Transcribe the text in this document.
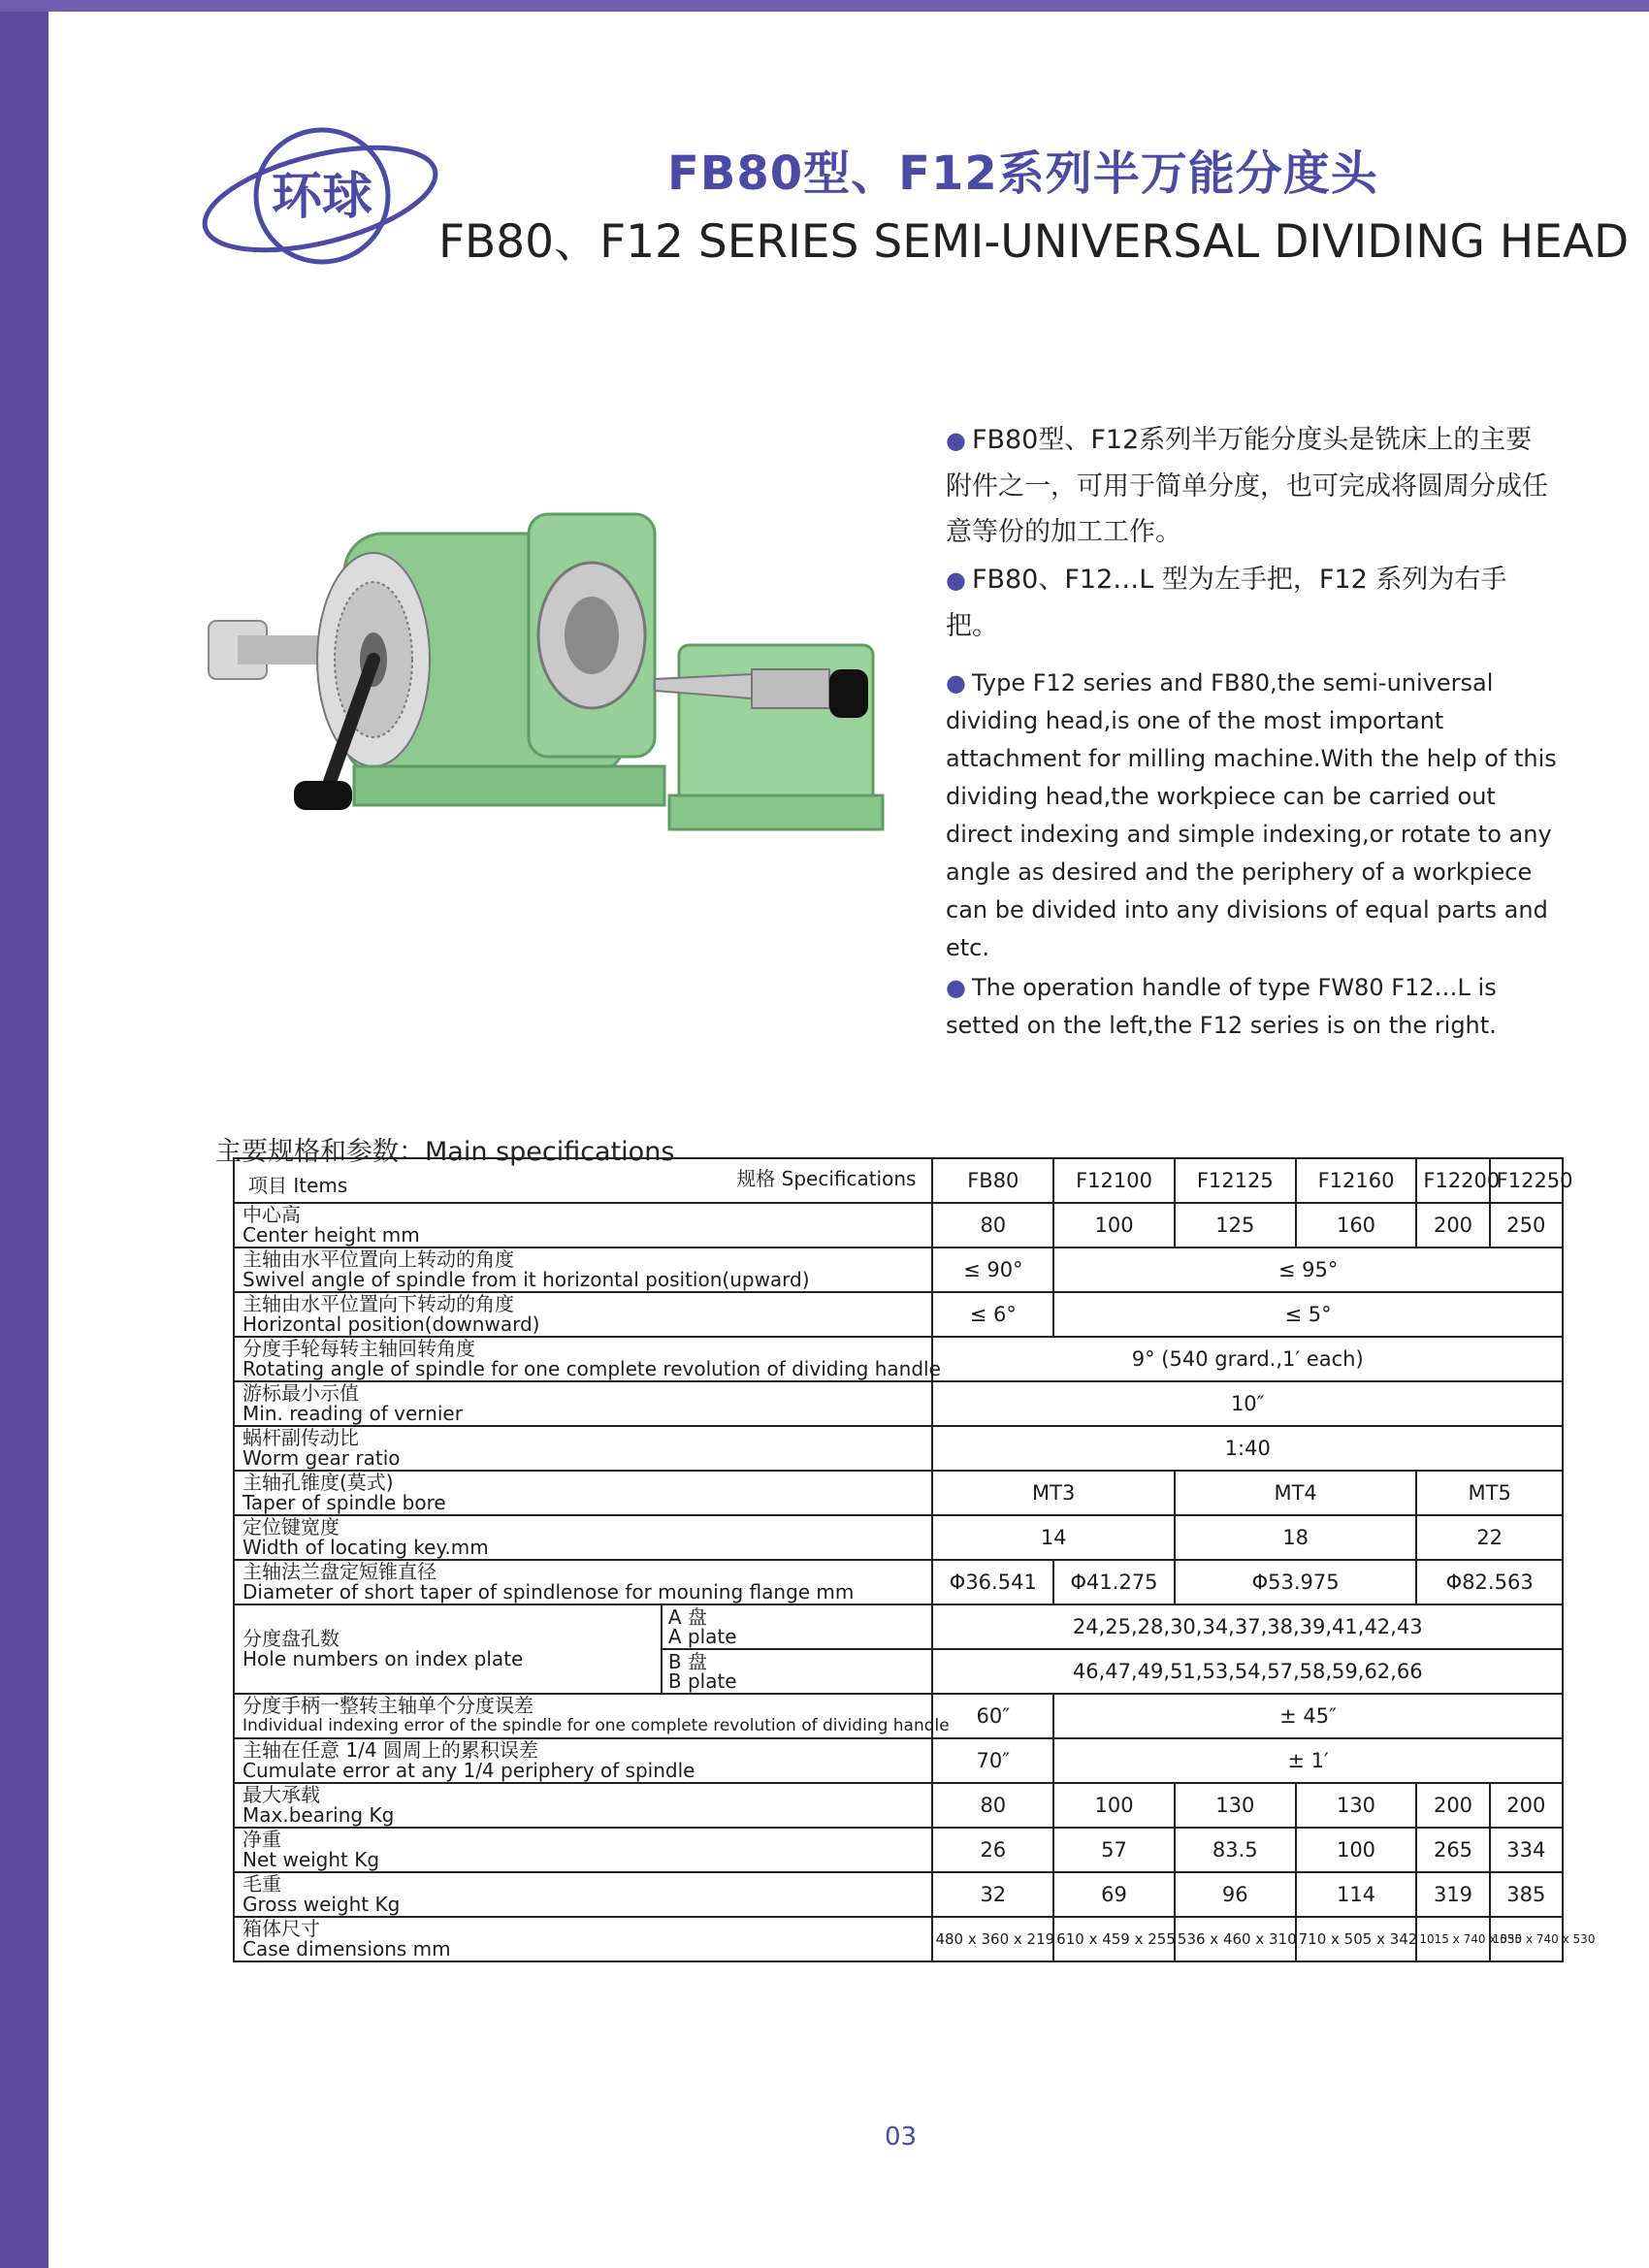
环球	FB80型、F12系列半万能分度头
FB80、F12 SERIES SEMI-UNIVERSAL DIVIDING HEAD

● FB80型、F12系列半万能分度头是铣床上的主要附件之一，可用于简单分度，也可完成将圆周分成任意等份的加工工作。

● FB80、F12…L 型为左手把，F12 系列为右手把。

● Type F12 series and FB80,the semi-universal dividing head,is one of the most important attachment for milling machine.With the help of this dividing head,the workpiece can be carried out direct indexing and simple indexing,or rotate to any angle as desired and the periphery of a workpiece can be divided into any divisions of equal parts and etc.

● The operation handle of type FW80 F12…L is setted on the left,the F12 series is on the right.

主要规格和参数：Main specifications
规格 Specifications
项目 Items		FB80	F12100	F12125	F12160	F12200	F12250

中心高
Center height mm		80	100	125	160	200	250

主轴由水平位置向上转动的角度
Swivel angle of spindle from it horizontal position(upward)		≤ 90°	≤ 95°				

主轴由水平位置向下转动的角度
Horizontal position(downward)		≤ 6°	≤ 5°				

分度手轮每转主轴回转角度
Rotating angle of spindle for one complete revolution of dividing handle		9° (540 grard.,1′ each)					

游标最小示值
Min. reading of vernier		10″					

蜗杆副传动比
Worm gear ratio		1:40					

主轴孔锥度(莫式)
Taper of spindle bore		MT3		MT4		MT5	

定位键宽度
Width of locating key.mm		14		18		22	

主轴法兰盘定短锥直径
Diameter of short taper of spindlenose for mouning flange mm		Φ36.541	Φ41.275	Φ53.975		Φ82.563	

分度盘孔数
Hole numbers on index plate	A 盘
A plate	24,25,28,30,34,37,38,39,41,42,43					

	B 盘
B plate	46,47,49,51,53,54,57,58,59,62,66					

分度手柄一整转主轴单个分度误差
Individual indexing error of the spindle for one complete revolution of dividing handle		60″	± 45″				

主轴在任意 1/4 圆周上的累积误差
Cumulate error at any 1/4 periphery of spindle		70″	± 1′				

最大承载
Max.bearing Kg		80	100	130	130	200	200

净重
Net weight Kg		26	57	83.5	100	265	334

毛重
Gross weight Kg		32	69	96	114	319	385

箱体尺寸
Case dimensions mm		480 x 360 x 219	610 x 459 x 255	536 x 460 x 310	710 x 505 x 342	1015 x 740 x 530	1055 x 740 x 530
03
